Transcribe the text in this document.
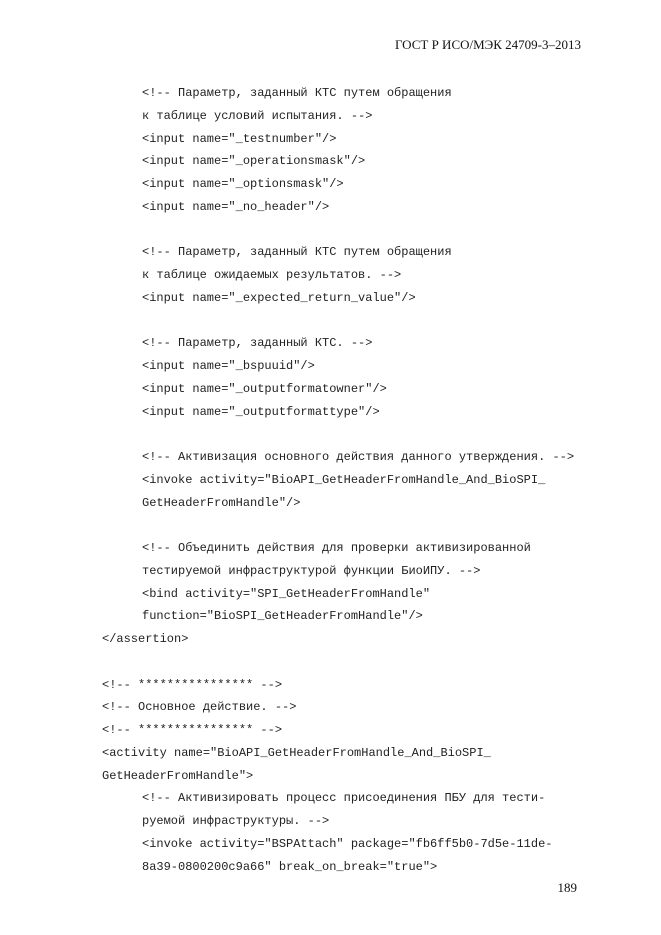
ГОСТ Р ИСО/МЭК 24709-3–2013
<!-- Параметр, заданный КТС путем обращения
к таблице условий испытания. -->
<input name="_testnumber"/>
<input name="_operationsmask"/>
<input name="_optionsmask"/>
<input name="_no_header"/>
<!-- Параметр, заданный КТС путем обращения
к таблице ожидаемых результатов. -->
<input name="_expected_return_value"/>
<!-- Параметр, заданный КТС. -->
<input name="_bspuuid"/>
<input name="_outputformatowner"/>
<input name="_outputformattype"/>
<!-- Активизация основного действия данного утверждения. -->
<invoke activity="BioAPI_GetHeaderFromHandle_And_BioSPI_
GetHeaderFromHandle"/>
<!-- Объединить действия для проверки активизированной
тестируемой инфраструктурой функции БиоИПУ. -->
<bind activity="SPI_GetHeaderFromHandle"
function="BioSPI_GetHeaderFromHandle"/>
</assertion>
<!-- **************** -->
<!-- Основное действие. -->
<!-- **************** -->
<activity name="BioAPI_GetHeaderFromHandle_And_BioSPI_
GetHeaderFromHandle">
<!-- Активизировать процесс присоединения ПБУ для тести-
руемой инфраструктуры. -->
<invoke activity="BSPAttach" package="fb6ff5b0-7d5e-11de-
8a39-0800200c9a66" break_on_break="true">
189
